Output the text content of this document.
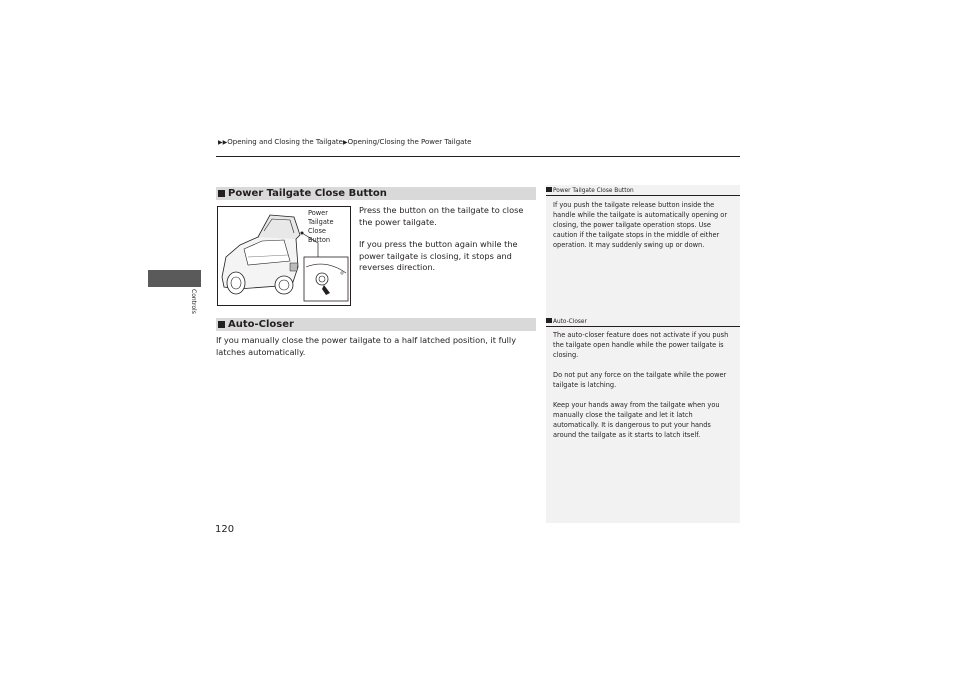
▶▶Opening and Closing the Tailgate▶Opening/Closing the Power Tailgate
Controls
Power Tailgate Close Button
Power
Tailgate
Close
Button
Press the button on the tailgate to close the power tailgate.
If you press the button again while the power tailgate is closing, it stops and reverses direction.
Auto-Closer
If you manually close the power tailgate to a half latched position, it fully latches automatically.
Power Tailgate Close Button
If you push the tailgate release button inside the handle while the tailgate is automatically opening or closing, the power tailgate operation stops. Use caution if the tailgate stops in the middle of either operation. It may suddenly swing up or down.
Auto-Closer
The auto-closer feature does not activate if you push the tailgate open handle while the power tailgate is closing.
Do not put any force on the tailgate while the power tailgate is latching.
Keep your hands away from the tailgate when you manually close the tailgate and let it latch automatically. It is dangerous to put your hands around the tailgate as it starts to latch itself.
120
